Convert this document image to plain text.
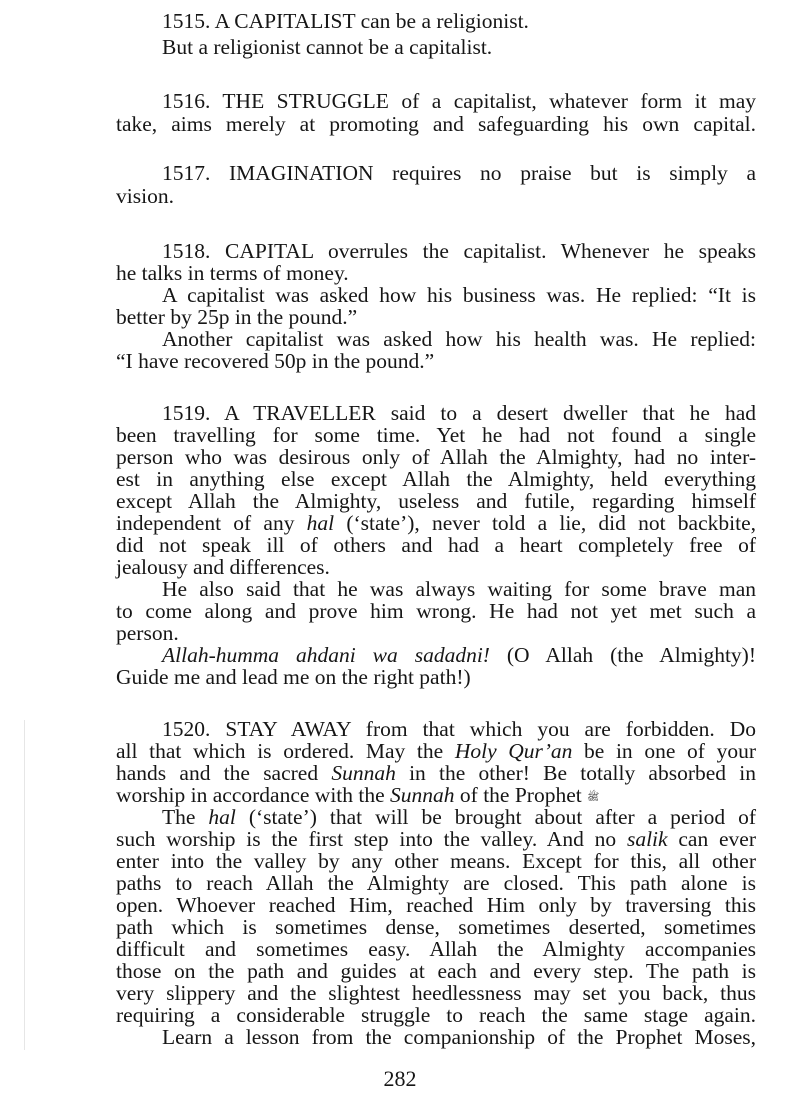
1515. A CAPITALIST can be a religionist.
But a religionist cannot be a capitalist.
1516. THE STRUGGLE of a capitalist, whatever form it may
take, aims merely at promoting and safeguarding his own capital.
1517. IMAGINATION requires no praise but is simply a
vision.
1518. CAPITAL overrules the capitalist. Whenever he speaks
he talks in terms of money.
A capitalist was asked how his business was. He replied: “It is
better by 25p in the pound.”
Another capitalist was asked how his health was. He replied:
“I have recovered 50p in the pound.”
1519. A TRAVELLER said to a desert dweller that he had
been travelling for some time. Yet he had not found a single
person who was desirous only of Allah the Almighty, had no inter-
est in anything else except Allah the Almighty, held everything
except Allah the Almighty, useless and futile, regarding himself
independent of any hal (‘state’), never told a lie, did not backbite,
did not speak ill of others and had a heart completely free of
jealousy and differences.
He also said that he was always waiting for some brave man
to come along and prove him wrong. He had not yet met such a
person.
Allah-humma ahdani wa sadadni! (O Allah (the Almighty)!
Guide me and lead me on the right path!)
1520. STAY AWAY from that which you are forbidden. Do
all that which is ordered. May the Holy Qur’an be in one of your
hands and the sacred Sunnah in the other! Be totally absorbed in
worship in accordance with the Sunnah of the Prophet ﷺ
The hal (‘state’) that will be brought about after a period of
such worship is the first step into the valley. And no salik can ever
enter into the valley by any other means. Except for this, all other
paths to reach Allah the Almighty are closed. This path alone is
open. Whoever reached Him, reached Him only by traversing this
path which is sometimes dense, sometimes deserted, sometimes
difficult and sometimes easy. Allah the Almighty accompanies
those on the path and guides at each and every step. The path is
very slippery and the slightest heedlessness may set you back, thus
requiring a considerable struggle to reach the same stage again.
Learn a lesson from the companionship of the Prophet Moses,
282
